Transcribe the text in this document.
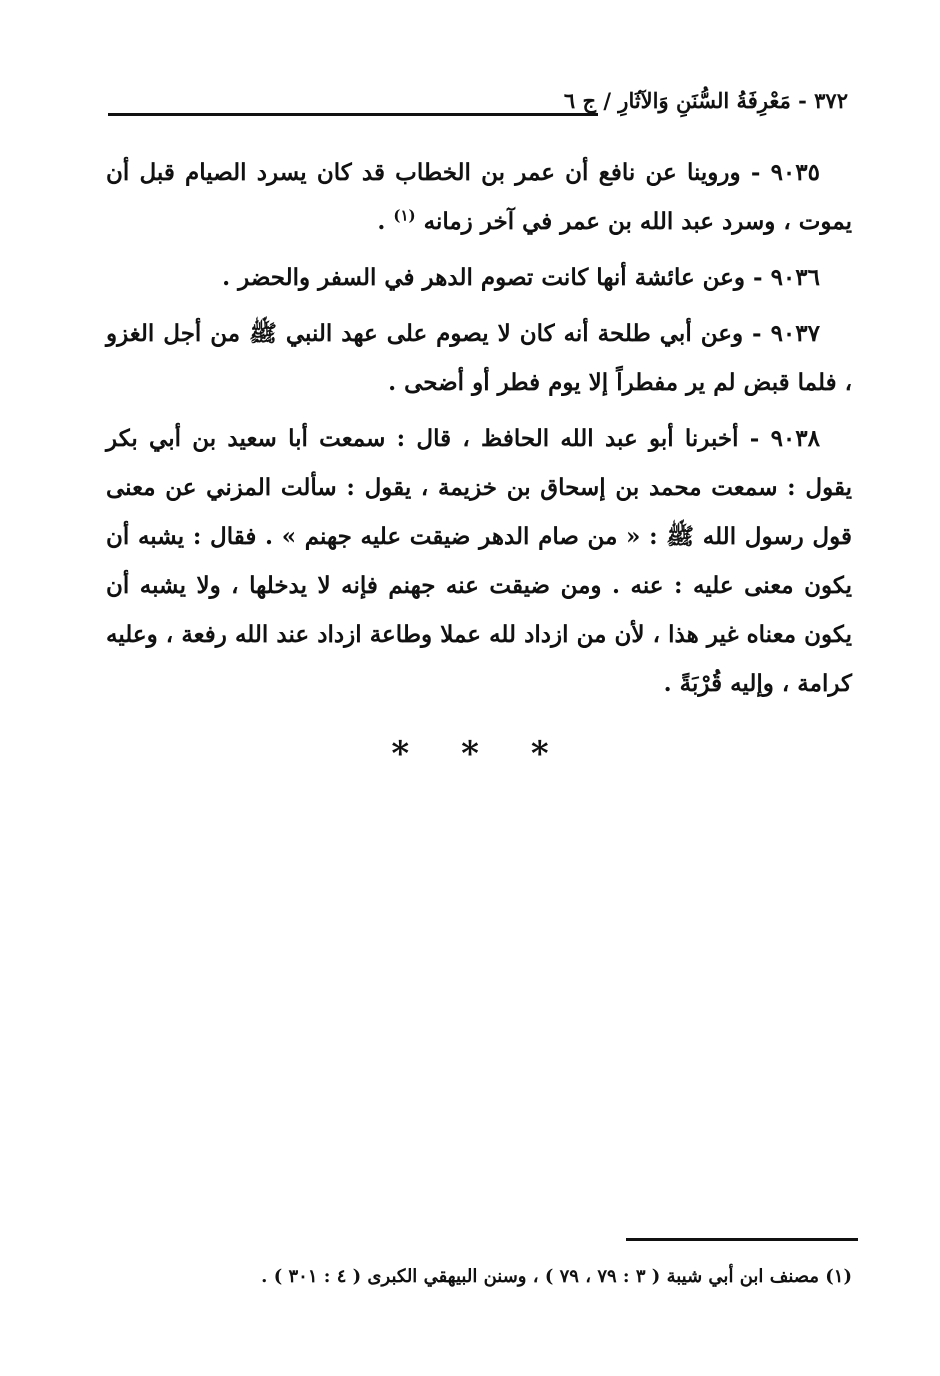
٣٧٢ - مَعْرِفَةُ السُّنَنِ وَالآثَارِ / ج ٦

٩٠٣٥ - وروينا عن نافع أن عمر بن الخطاب قد كان يسرد الصيام قبل أن يموت ، وسرد عبد الله بن عمر في آخر زمانه $^{(١)}$ .

٩٠٣٦ - وعن عائشة أنها كانت تصوم الدهر في السفر والحضر .

٩٠٣٧ - وعن أبي طلحة أنه كان لا يصوم على عهد النبي ﷺ من أجل الغزو ، فلما قبض لم ير مفطراً إلا يوم فطر أو أضحى .

٩٠٣٨ - أخبرنا أبو عبد الله الحافظ ، قال : سمعت أبا سعيد بن أبي بكر يقول : سمعت محمد بن إسحاق بن خزيمة ، يقول : سألت المزني عن معنى قول رسول الله ﷺ : « من صام الدهر ضيقت عليه جهنم » . فقال : يشبه أن يكون معنى عليه : عنه . ومن ضيقت عنه جهنم فإنه لا يدخلها ، ولا يشبه أن يكون معناه غير هذا ، لأن من ازداد لله عملا وطاعة ازداد عند الله رفعة ، وعليه كرامة ، وإليه قُرْبَةً .

***
(١) مصنف ابن أبي شيبة ( ٣ : ٧٩ ، ٧٩ ) ، وسنن البيهقي الكبرى ( ٤ : ٣٠١ ) .
